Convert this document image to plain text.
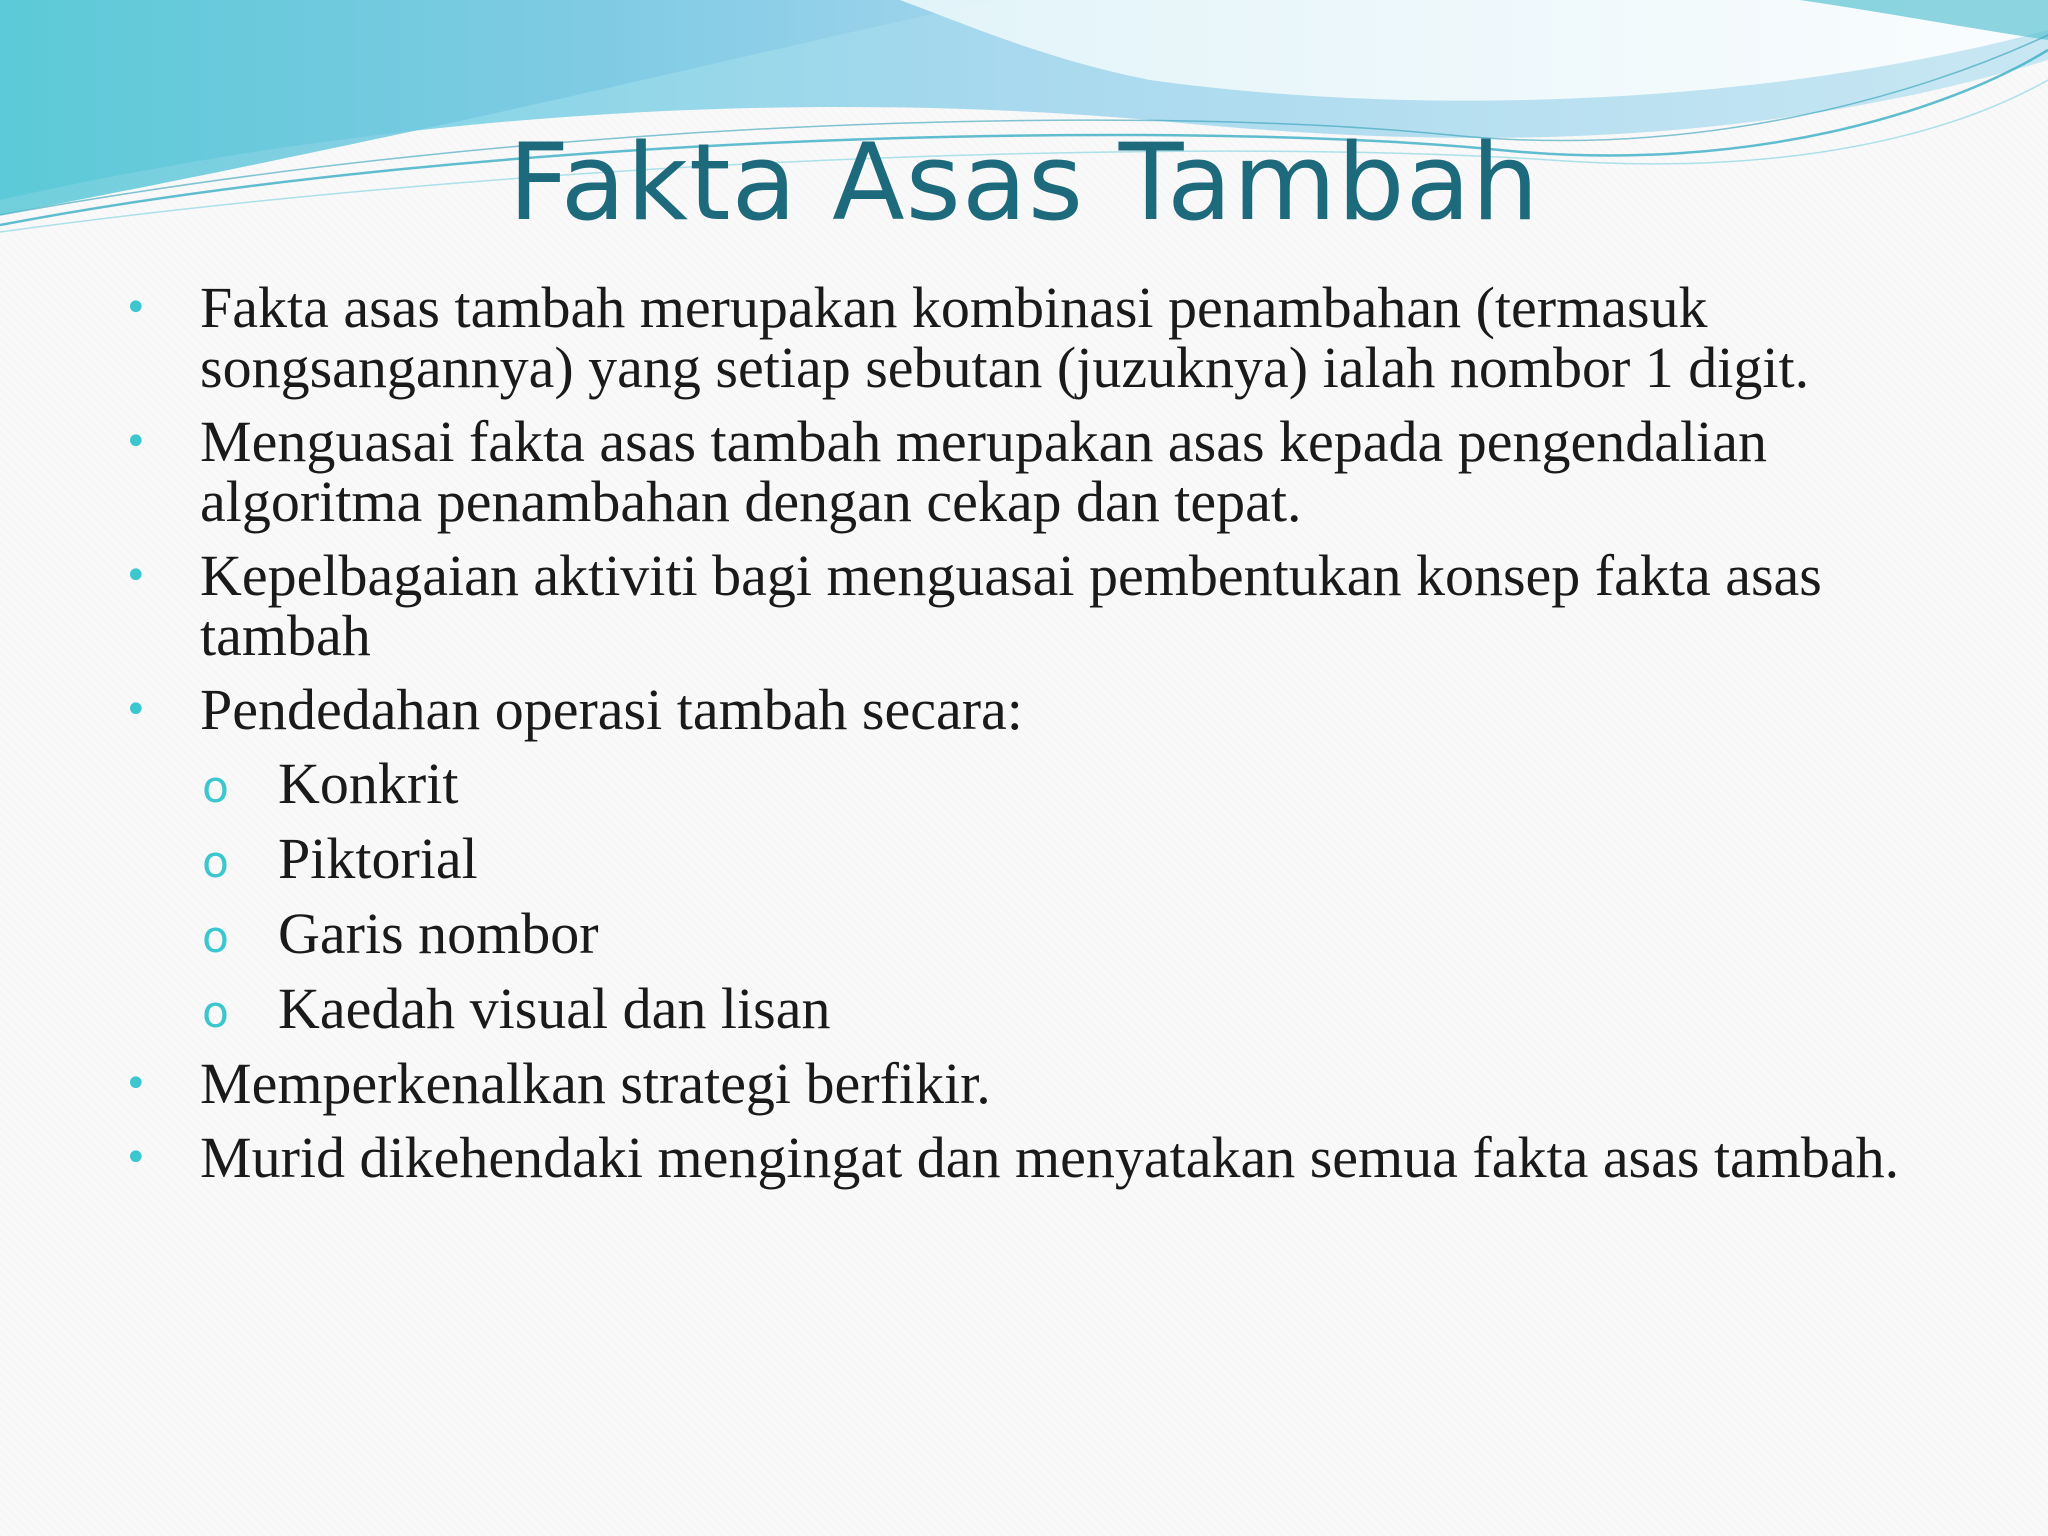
Fakta Asas Tambah
• Fakta asas tambah merupakan kombinasi penambahan (termasuk songsangannya) yang setiap sebutan (juzuknya) ialah nombor 1 digit.
• Menguasai fakta asas tambah merupakan asas kepada pengendalian algoritma penambahan dengan cekap dan tepat.
• Kepelbagaian aktiviti bagi menguasai pembentukan konsep fakta asas tambah
• Pendedahan operasi tambah secara:
o Konkrit
o Piktorial
o Garis nombor
o Kaedah visual dan lisan
• Memperkenalkan strategi berfikir.
• Murid dikehendaki mengingat dan menyatakan semua fakta asas tambah.
